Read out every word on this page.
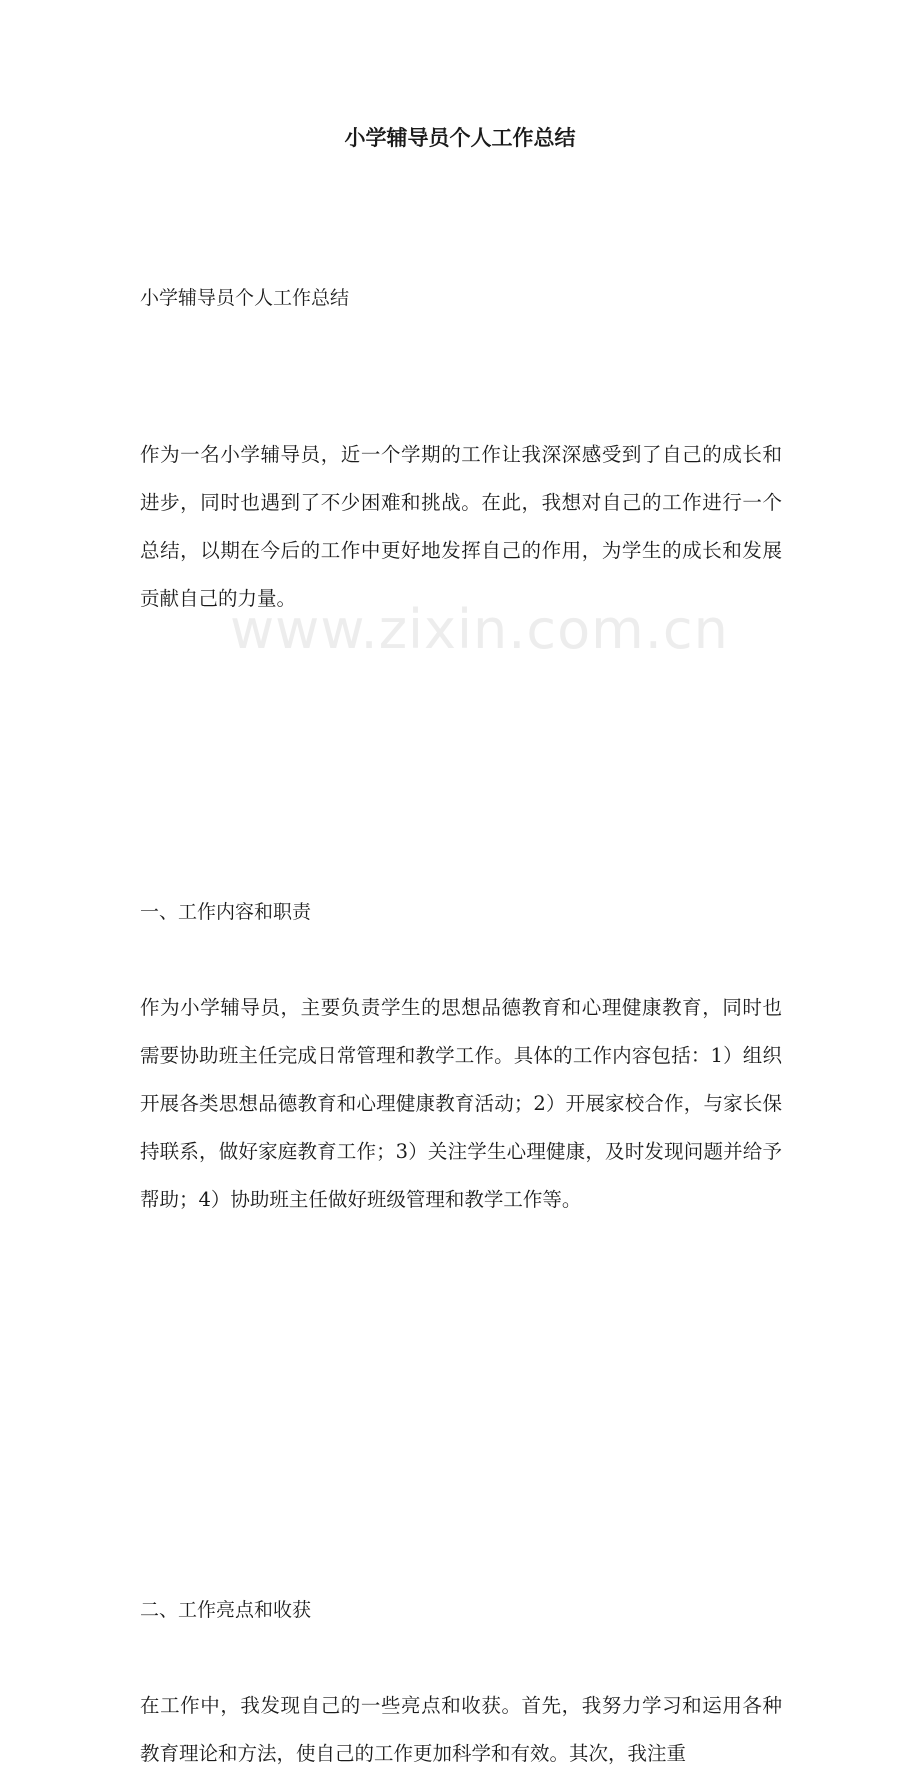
www.zixin.com.cn
小学辅导员个人工作总结
小学辅导员个人工作总结
作为一名小学辅导员，近一个学期的工作让我深深感受到了自己的成长和进步，同时也遇到了不少困难和挑战。在此，我想对自己的工作进行一个总结，以期在今后的工作中更好地发挥自己的作用，为学生的成长和发展贡献自己的力量。
一、工作内容和职责
作为小学辅导员，主要负责学生的思想品德教育和心理健康教育，同时也需要协助班主任完成日常管理和教学工作。具体的工作内容包括：1）组织开展各类思想品德教育和心理健康教育活动；2）开展家校合作，与家长保持联系，做好家庭教育工作；3）关注学生心理健康，及时发现问题并给予帮助；4）协助班主任做好班级管理和教学工作等。
二、工作亮点和收获
在工作中，我发现自己的一些亮点和收获。首先，我努力学习和运用各种教育理论和方法，使自己的工作更加科学和有效。其次，我注重
